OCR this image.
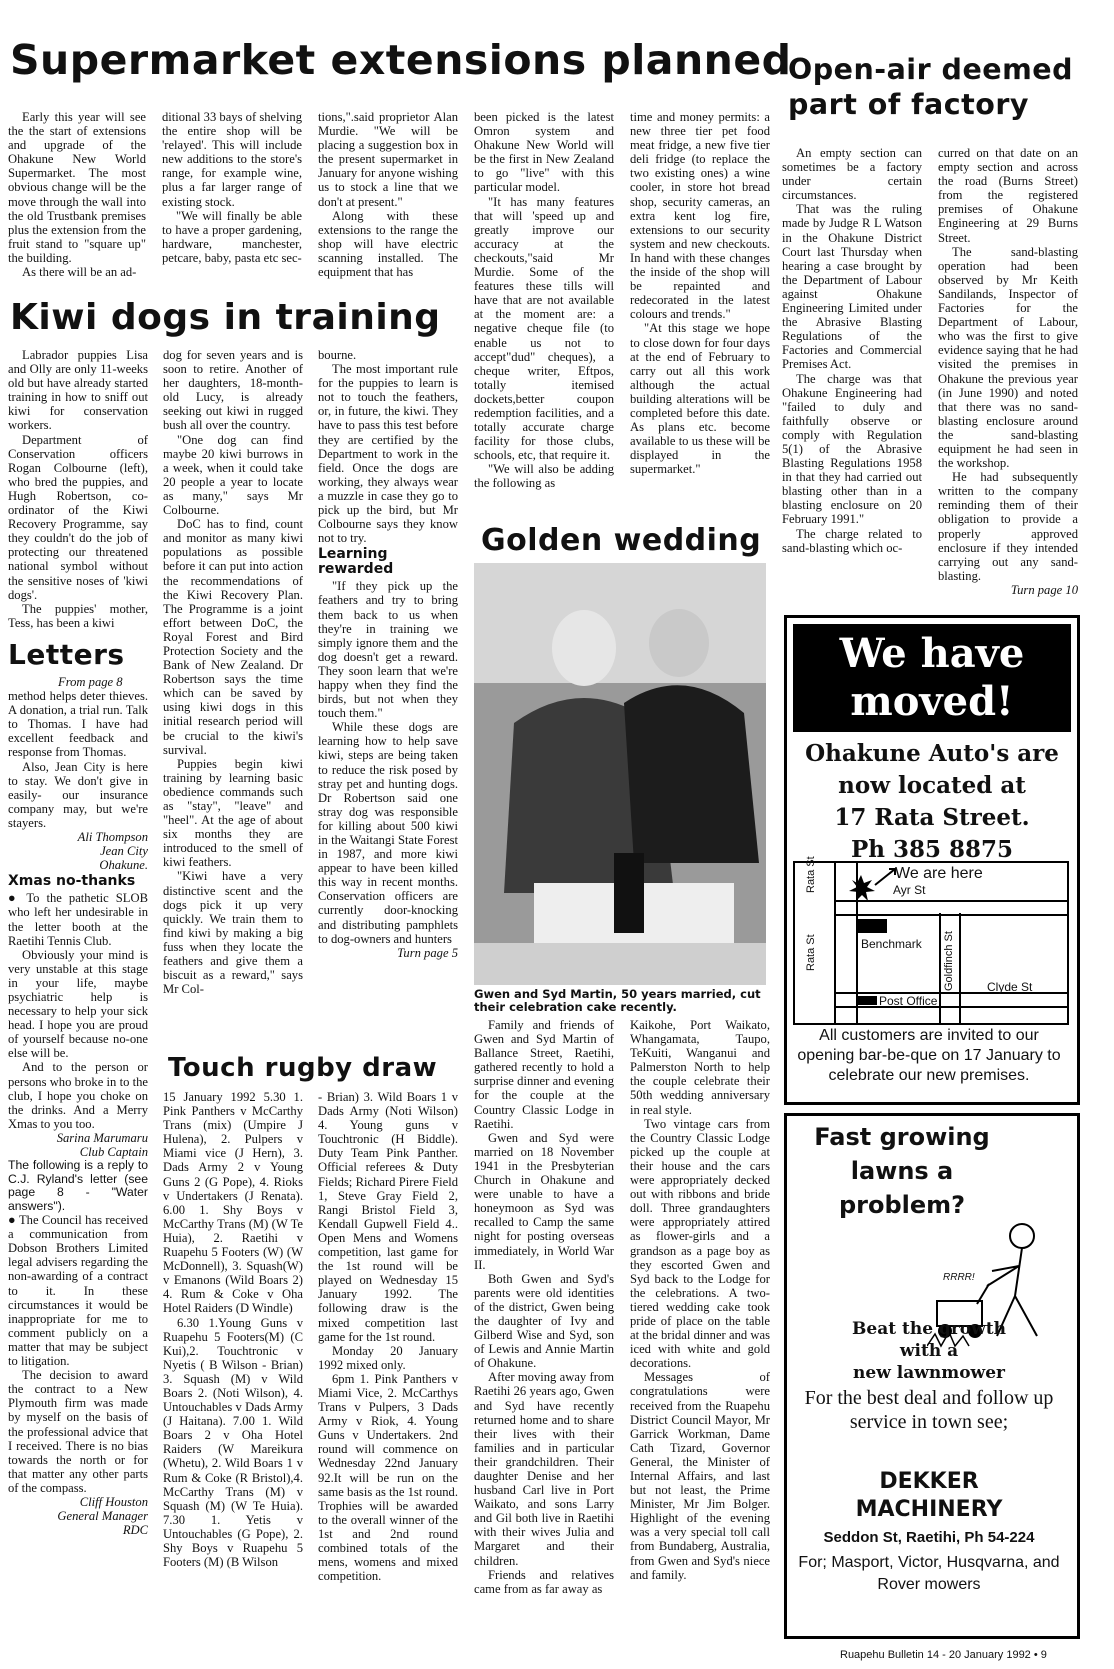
Supermarket extensions planned
Open-air deemed part of factory
Kiwi dogs in training
Letters
Golden wedding
Touch rugby draw

Early this year will see the the start of extensions and upgrade of the Ohakune New World Supermarket. The most obvious change will be the move through the wall into the old Trustbank premises plus the extension from the fruit stand to "square up" the building.

As there will be an ad-

ditional 33 bays of shelving the entire shop will be 'relayed'. This will include new additions to the store's range, for example wine, plus a far larger range of existing stock.

"We will finally be able to have a proper gardening, hardware, manchester, petcare, baby, pasta etc sec-

tions,".said proprietor Alan Murdie. "We will be placing a suggestion box in the present supermarket in January for anyone wishing us to stock a line that we don't at present."

Along with these extensions to the range the shop will have electric scanning installed. The equipment that has

been picked is the latest Omron system and Ohakune New World will be the first in New Zealand to go "live" with this particular model.

"It has many features that will 'speed up and greatly improve our accuracy at the checkouts,"said Mr Murdie. Some of the features these tills will have that are not available at the moment are: a negative cheque file (to enable us not to accept"dud" cheques), a cheque writer, Eftpos, totally itemised dockets,better coupon redemption facilities, and a totally accurate charge facility for those clubs, schools, etc, that require it.

"We will also be adding the following as

time and money permits: a new three tier pet food meat fridge, a new five tier deli fridge (to replace the two existing ones) a wine cooler, in store hot bread shop, security cameras, an extra kent log fire, extensions to our security system and new checkouts. In hand with these changes the inside of the shop will be repainted and redecorated in the latest colours and trends."

"At this stage we hope to close down for four days at the end of February to carry out all this work although the actual building alterations will be completed before this date. As plans etc. become available to us these will be displayed in the supermarket."

An empty section can sometimes be a factory under certain circumstances.

That was the ruling made by Judge R L Watson in the Ohakune District Court last Thursday when hearing a case brought by the Department of Labour against Ohakune Engineering Limited under the Abrasive Blasting Regulations of the Factories and Commercial Premises Act.

The charge was that Ohakune Engineering had "failed to duly and faithfully observe or comply with Regulation 5(1) of the Abrasive Blasting Regulations 1958 in that they had carried out blasting other than in a blasting enclosure on 20 February 1991."

The charge related to sand-blasting which oc-

curred on that date on an empty section and across the road (Burns Street) from the registered premises of Ohakune Engineering at 29 Burns Street.

The sand-blasting operation had been observed by Mr Keith Sandilands, Inspector of Factories for the Department of Labour, who was the first to give evidence saying that he had visited the premises in Ohakune the previous year (in June 1990) and noted that there was no sand-blasting enclosure around the sand-blasting equipment he had seen in the workshop.

He had subsequently written to the company reminding them of their obligation to provide a properly approved enclosure if they intended carrying out any sand-blasting.

Turn page 10

Labrador puppies Lisa and Olly are only 11-weeks old but have already started training in how to sniff out kiwi for conservation workers.

Department of Conservation officers Rogan Colbourne (left), who bred the puppies, and Hugh Robertson, co-ordinator of the Kiwi Recovery Programme, say they couldn't do the job of protecting our threatened national symbol without the sensitive noses of 'kiwi dogs'.

The puppies' mother, Tess, has been a kiwi

dog for seven years and is soon to retire. Another of her daughters, 18-month-old Lucy, is already seeking out kiwi in rugged bush all over the country.

"One dog can find maybe 20 kiwi burrows in a week, when it could take 20 people a year to locate as many," says Mr Colbourne.

DoC has to find, count and monitor as many kiwi populations as possible before it can put into action the recommendations of the Kiwi Recovery Plan. The Programme is a joint effort between DoC, the Royal Forest and Bird Protection Society and the Bank of New Zealand. Dr Robertson says the time which can be saved by using kiwi dogs in this initial research period will be crucial to the kiwi's survival.

Puppies begin kiwi training by learning basic obedience commands such as "stay", "leave" and "heel". At the age of about six months they are introduced to the smell of kiwi feathers.

"Kiwi have a very distinctive scent and the dogs pick it up very quickly. We train them to find kiwi by making a big fuss when they locate the feathers and give them a biscuit as a reward," says Mr Col-

bourne.

The most important rule for the puppies to learn is not to touch the feathers, or, in future, the kiwi. They have to pass this test before they are certified by the Department to work in the field. Once the dogs are working, they always wear a muzzle in case they go to pick up the bird, but Mr Colbourne says they know not to try.

Learning rewarded

"If they pick up the feathers and try to bring them back to us when they're in training we simply ignore them and the dog doesn't get a reward. They soon learn that we're happy when they find the birds, but not when they touch them."

While these dogs are learning how to help save kiwi, steps are being taken to reduce the risk posed by stray pet and hunting dogs. Dr Robertson said one stray dog was responsible for killing about 500 kiwi in the Waitangi State Forest in 1987, and more kiwi appear to have been killed this way in recent months. Conservation officers are currently door-knocking and distributing pamphlets to dog-owners and hunters

Turn page 5

From page 8

method helps deter thieves. A donation, a trial run. Talk to Thomas. I have had excellent feedback and response from Thomas.

Also, Jean City is here to stay. We don't give in easily- our insurance company may, but we're stayers.

Ali Thompson

Jean City

Ohakune.

Xmas no-thanks

● To the pathetic SLOB who left her undesirable in the letter booth at the Raetihi Tennis Club.

Obviously your mind is very unstable at this stage in your life, maybe psychiatric help is necessary to help your sick head. I hope you are proud of yourself because no-one else will be.

And to the person or persons who broke in to the club, I hope you choke on the drinks. And a Merry Xmas to you too.

Sarina Marumaru

Club Captain

The following is a reply to C.J. Ryland's letter (see page 8 - "Water answers").

● The Council has received a communication from Dobson Brothers Limited legal advisers regarding the non-awarding of a contract to it. In these circumstances it would be inappropriate for me to comment publicly on a matter that may be subject to litigation.

The decision to award the contract to a New Plymouth firm was made by myself on the basis of the professional advice that I received. There is no bias towards the north or for that matter any other parts of the compass.

Cliff Houston

General Manager

RDC

15 January 1992 5.30 1. Pink Panthers v McCarthy Trans (mix) (Umpire J Hulena), 2. Pulpers v Miami vice (J Hern), 3. Dads Army 2 v Young Guns 2 (G Pope), 4. Rioks v Undertakers (J Renata). 6.00 1. Shy Boys v McCarthy Trans (M) (W Te Huia), 2. Raetihi v Ruapehu 5 Footers (W) (W McDonnell), 3. Squash(W) v Emanons (Wild Boars 2) 4. Rum & Coke v Oha Hotel Raiders (D Windle)

6.30 1.Young Guns v Ruapehu 5 Footers(M) (C Kui),2. Touchtronic v Nyetis ( B Wilson - Brian) 3. Squash (M) v Wild Boars 2. (Noti Wilson), 4. Untouchables v Dads Army (J Haitana). 7.00 1. Wild Boars 2 v Oha Hotel Raiders (W Mareikura (Whetu), 2. Wild Boars 1 v Rum & Coke (R Bristol),4. McCarthy Trans (M) v Squash (M) (W Te Huia). 7.30 1. Yetis v Untouchables (G Pope), 2. Shy Boys v Ruapehu 5 Footers (M) (B Wilson

- Brian) 3. Wild Boars 1 v Dads Army (Noti Wilson) 4. Young guns v Touchtronic (H Biddle). Duty Team Pink Panther. Official referees & Duty Fields; Richard Pirere Field 1, Steve Gray Field 2, Rangi Bristol Field 3, Kendall Gupwell Field 4.. Open Mens and Womens competition, last game for the 1st round will be played on Wednesday 15 January 1992. The following draw is the mixed competition last game for the 1st round.

Monday 20 January 1992 mixed only.

6pm 1. Pink Panthers v Miami Vice, 2. McCarthys Trans v Pulpers, 3 Dads Army v Riok, 4. Young Guns v Undertakers. 2nd round will commence on Wednesday 22nd January 92.It will be run on the same basis as the 1st round. Trophies will be awarded to the overall winner of the 1st and 2nd round combined totals of the mens, womens and mixed competition.

Gwen and Syd Martin, 50 years married, cut their celebration cake recently.

Family and friends of Gwen and Syd Martin of Ballance Street, Raetihi, gathered recently to hold a surprise dinner and evening for the couple at the Country Classic Lodge in Raetihi.

Gwen and Syd were married on 18 November 1941 in the Presbyterian Church in Ohakune and were unable to have a honeymoon as Syd was recalled to Camp the same night for posting overseas immediately, in World War II.

Both Gwen and Syd's parents were old identities of the district, Gwen being the daughter of Ivy and Gilberd Wise and Syd, son of Lewis and Annie Martin of Ohakune.

After moving away from Raetihi 26 years ago, Gwen and Syd have recently returned home and to share their lives with their families and in particular their grandchildren. Their daughter Denise and her husband Carl live in Port Waikato, and sons Larry and Gil both live in Raetihi with their wives Julia and Margaret and their children.

Friends and relatives came from as far away as

Kaikohe, Port Waikato, Whangamata, Taupo, TeKuiti, Wanganui and Palmerston North to help the couple celebrate their 50th wedding anniversary in real style.

Two vintage cars from the Country Classic Lodge picked up the couple at their house and the cars were appropriately decked out with ribbons and bride doll. Three grandaughters were appropriately attired as flower-girls and a grandson as a page boy as they escorted Gwen and Syd back to the Lodge for the celebrations. A two-tiered wedding cake took pride of place on the table at the bridal dinner and was iced with white and gold decorations.

Messages of congratulations were received from the Ruapehu District Council Mayor, Mr Garrick Workman, Dame Cath Tizard, Governor General, the Minister of Internal Affairs, and last but not least, the Prime Minister, Mr Jim Bolger. Highlight of the evening was a very special toll call from Bundaberg, Australia, from Gwen and Syd's niece and family.

We have
moved!
Ohakune Auto's are
now located at
17 Rata Street.
Ph 385 8875
We are here
Ayr St
Rata St
Rata St	Benchmark Goldfinch St
Post Office
Clyde St
All customers are invited to our opening bar-be-que on 17 January to celebrate our new premises.
Fast growing
lawns a
problem?
RRRR!
Beat the growth
with a
new lawnmower
For the best deal and follow up service in town see;
DEKKER
MACHINERY
Seddon St, Raetihi, Ph 54-224
For; Masport, Victor, Husqvarna, and Rover mowers
Ruapehu Bulletin 14 - 20 January 1992 • 9
